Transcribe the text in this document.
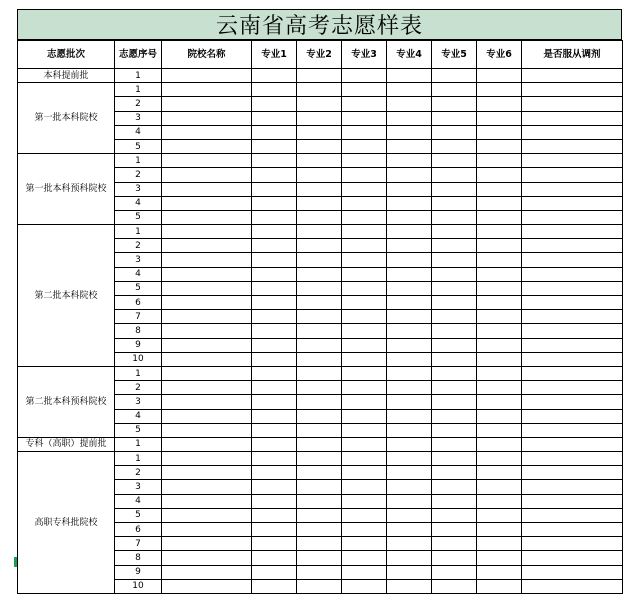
云南省高考志愿样表
志愿批次	志愿序号	院校名称	专业1	专业2	专业3	专业4	专业5	专业6	是否服从调剂
本科提前批	1								
第一批本科院校	1								
	2								
	3								
	4								
	5								
第一批本科预科院校	1								
	2								
	3								
	4								
	5								
第二批本科院校	1								
	2								
	3								
	4								
	5								
	6								
	7								
	8								
	9								
	10								
第二批本科预科院校	1								
	2								
	3								
	4								
	5								
专科（高职）提前批	1								
高职专科批院校	1								
	2								
	3								
	4								
	5								
	6								
	7								
	8								
	9								
	10								
